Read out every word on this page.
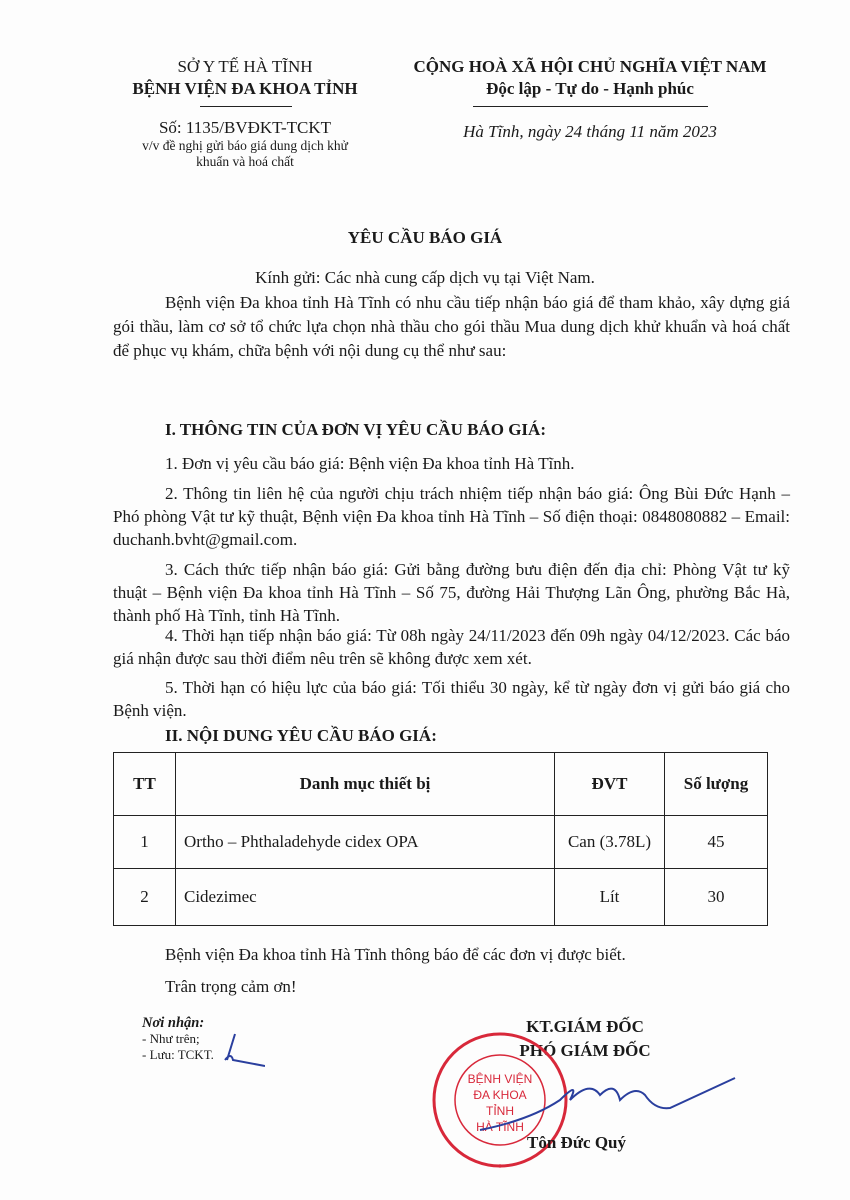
SỞ Y TẾ HÀ TĨNH
BỆNH VIỆN ĐA KHOA TỈNH
Số: 1135/BVĐKT-TCKT
v/v đề nghị gửi báo giá dung dịch khử
khuẩn và hoá chất
CỘNG HOÀ XÃ HỘI CHỦ NGHĨA VIỆT NAM
Độc lập - Tự do - Hạnh phúc
Hà Tĩnh, ngày 24 tháng 11 năm 2023
YÊU CẦU BÁO GIÁ
Kính gửi: Các nhà cung cấp dịch vụ tại Việt Nam.
Bệnh viện Đa khoa tỉnh Hà Tĩnh có nhu cầu tiếp nhận báo giá để tham khảo, xây dựng giá gói thầu, làm cơ sở tổ chức lựa chọn nhà thầu cho gói thầu Mua dung dịch khử khuẩn và hoá chất để phục vụ khám, chữa bệnh với nội dung cụ thể như sau:
I. THÔNG TIN CỦA ĐƠN VỊ YÊU CẦU BÁO GIÁ:
1. Đơn vị yêu cầu báo giá: Bệnh viện Đa khoa tỉnh Hà Tĩnh.
2. Thông tin liên hệ của người chịu trách nhiệm tiếp nhận báo giá: Ông Bùi Đức Hạnh – Phó phòng Vật tư kỹ thuật, Bệnh viện Đa khoa tỉnh Hà Tĩnh – Số điện thoại: 0848080882 – Email: duchanh.bvht@gmail.com.
3. Cách thức tiếp nhận báo giá: Gửi bằng đường bưu điện đến địa chỉ: Phòng Vật tư kỹ thuật – Bệnh viện Đa khoa tỉnh Hà Tĩnh – Số 75, đường Hải Thượng Lãn Ông, phường Bắc Hà, thành phố Hà Tĩnh, tỉnh Hà Tĩnh.
4. Thời hạn tiếp nhận báo giá: Từ 08h ngày 24/11/2023 đến 09h ngày 04/12/2023. Các báo giá nhận được sau thời điểm nêu trên sẽ không được xem xét.
5. Thời hạn có hiệu lực của báo giá: Tối thiểu 30 ngày, kể từ ngày đơn vị gửi báo giá cho Bệnh viện.
II. NỘI DUNG YÊU CẦU BÁO GIÁ:
TT	Danh mục thiết bị	ĐVT	Số lượng
1	Ortho – Phthaladehyde cidex OPA	Can (3.78L)	45
2	Cidezimec	Lít	30
Bệnh viện Đa khoa tỉnh Hà Tĩnh thông báo để các đơn vị được biết.
Trân trọng cảm ơn!
Nơi nhận:
- Như trên;
- Lưu: TCKT.
KT.GIÁM ĐỐC
PHÓ GIÁM ĐỐC
BỆNH VIỆN
ĐA KHOA
TỈNH
HÀ TĨNH
*
Tôn Đức Quý
